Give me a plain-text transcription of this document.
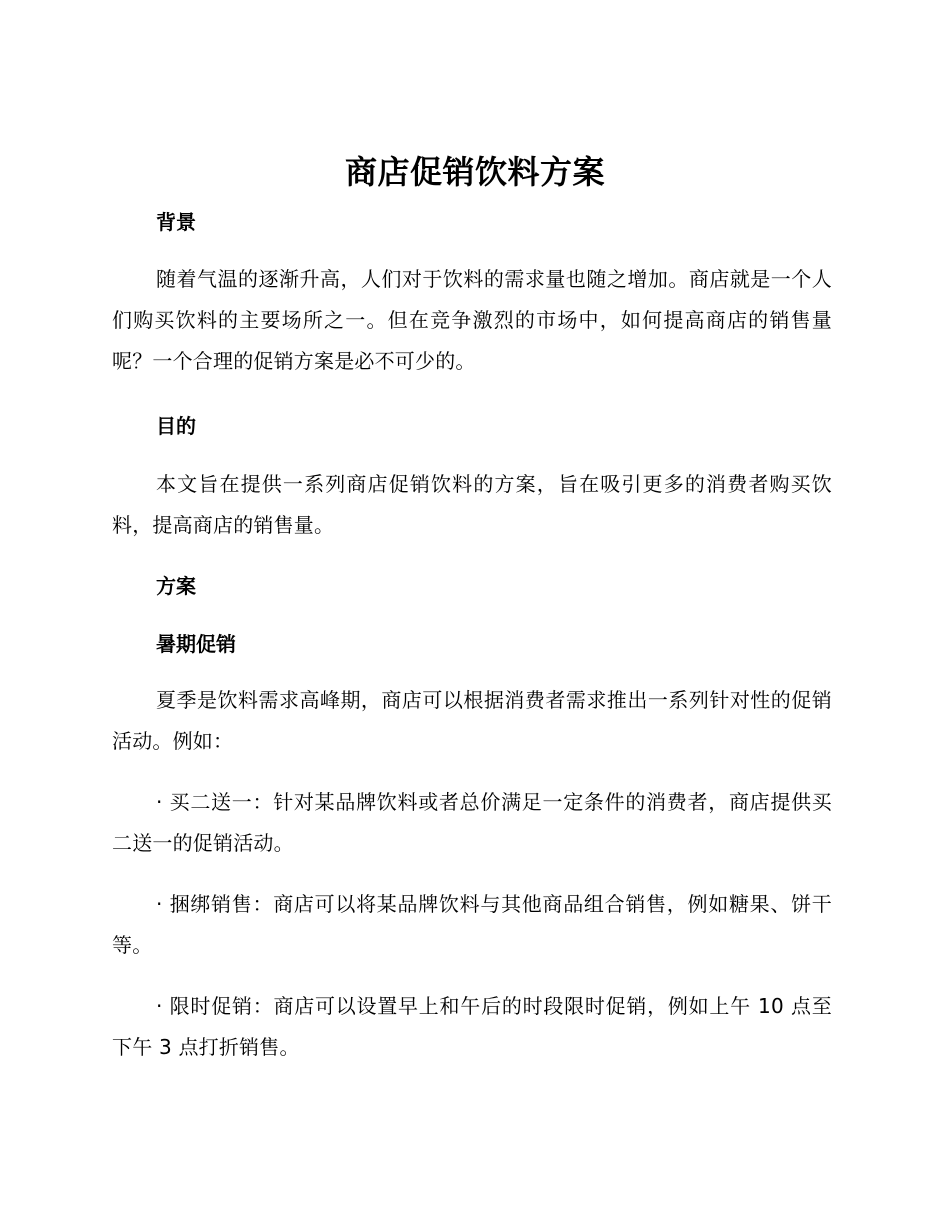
商店促销饮料方案
背景

随着气温的逐渐升高，人们对于饮料的需求量也随之增加。商店就是一个人们购买饮料的主要场所之一。但在竞争激烈的市场中，如何提高商店的销售量呢？一个合理的促销方案是必不可少的。

目的

本文旨在提供一系列商店促销饮料的方案，旨在吸引更多的消费者购买饮料，提高商店的销售量。

方案
暑期促销

夏季是饮料需求高峰期，商店可以根据消费者需求推出一系列针对性的促销活动。例如：

· 买二送一：针对某品牌饮料或者总价满足一定条件的消费者，商店提供买二送一的促销活动。

· 捆绑销售：商店可以将某品牌饮料与其他商品组合销售，例如糖果、饼干等。

· 限时促销：商店可以设置早上和午后的时段限时促销，例如上午 10 点至下午 3 点打折销售。
